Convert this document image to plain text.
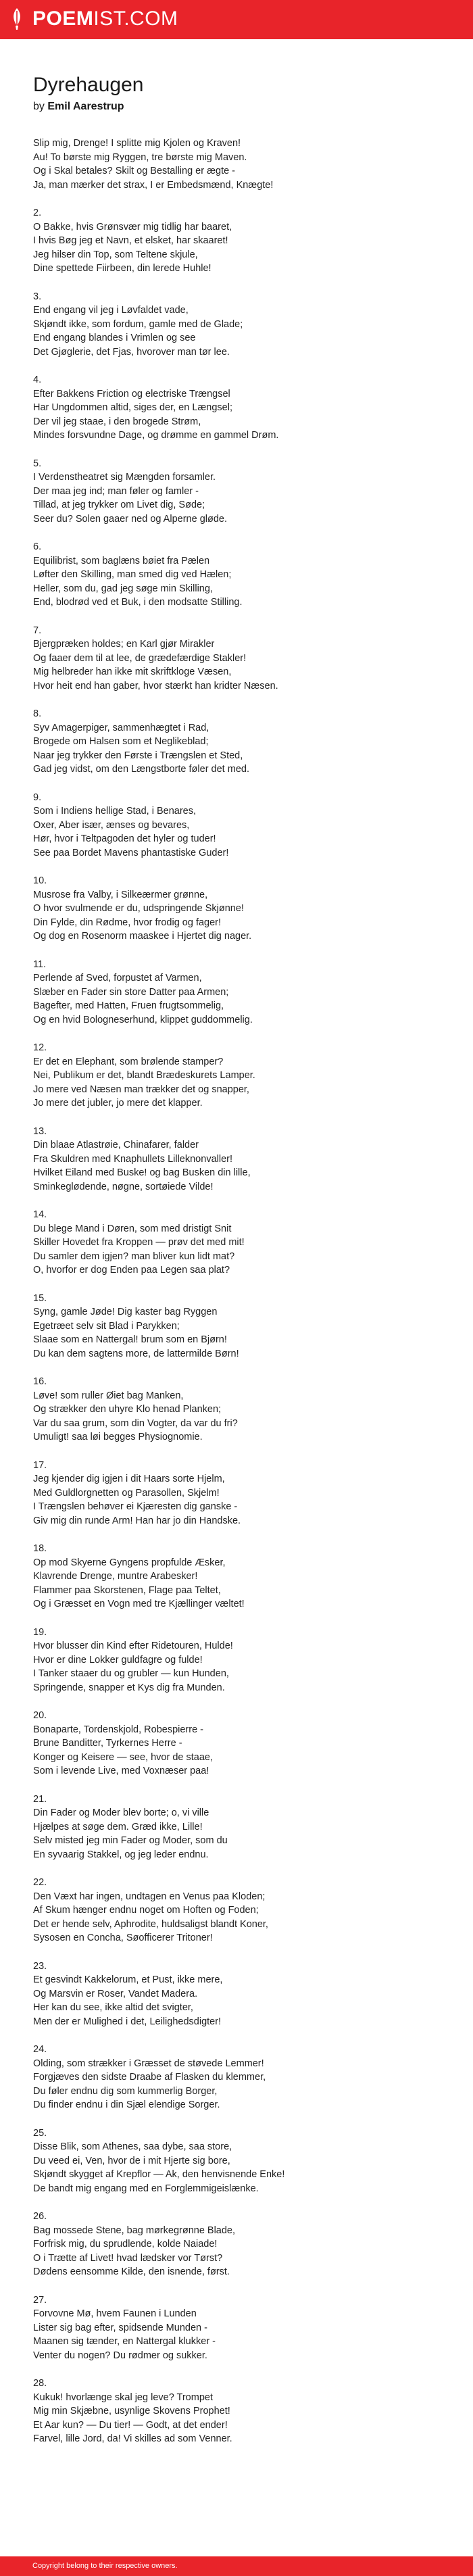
POEMIST.COM
Dyrehaugen
by Emil Aarestrup
Slip mig, Drenge! I splitte mig Kjolen og Kraven!
Au! To børste mig Ryggen, tre børste mig Maven.
Og i Skal betales? Skilt og Bestalling er ægte -
Ja, man mærker det strax, I er Embedsmænd, Knægte!
2.
O Bakke, hvis Grønsvær mig tidlig har baaret,
I hvis Bøg jeg et Navn, et elsket, har skaaret!
Jeg hilser din Top, som Teltene skjule,
Dine spettede Fiirbeen, din lerede Huhle!
3.
End engang vil jeg i Løvfaldet vade,
Skjøndt ikke, som fordum, gamle med de Glade;
End engang blandes i Vrimlen og see
Det Gjøglerie, det Fjas, hvorover man tør lee.
4.
Efter Bakkens Friction og electriske Trængsel
Har Ungdommen altid, siges der, en Længsel;
Der vil jeg staae, i den brogede Strøm,
Mindes forsvundne Dage, og drømme en gammel Drøm.
5.
I Verdenstheatret sig Mængden forsamler.
Der maa jeg ind; man føler og famler -
Tillad, at jeg trykker om Livet dig, Søde;
Seer du? Solen gaaer ned og Alperne gløde.
6.
Equilibrist, som baglæns bøiet fra Pælen
Løfter den Skilling, man smed dig ved Hælen;
Heller, som du, gad jeg søge min Skilling,
End, blodrød ved et Buk, i den modsatte Stilling.
7.
Bjergpræken holdes; en Karl gjør Mirakler
Og faaer dem til at lee, de grædefærdige Stakler!
Mig helbreder han ikke mit skriftkloge Væsen,
Hvor heit end han gaber, hvor stærkt han kridter Næsen.
8.
Syv Amagerpiger, sammenhægtet i Rad,
Brogede om Halsen som et Neglikeblad;
Naar jeg trykker den Første i Trængslen et Sted,
Gad jeg vidst, om den Længstborte føler det med.
9.
Som i Indiens hellige Stad, i Benares,
Oxer, Aber især, ænses og bevares,
Hør, hvor i Teltpagoden det hyler og tuder!
See paa Bordet Mavens phantastiske Guder!
10.
Musrose fra Valby, i Silkeærmer grønne,
O hvor svulmende er du, udspringende Skjønne!
Din Fylde, din Rødme, hvor frodig og fager!
Og dog en Rosenorm maaskee i Hjertet dig nager.
11.
Perlende af Sved, forpustet af Varmen,
Slæber en Fader sin store Datter paa Armen;
Bagefter, med Hatten, Fruen frugtsommelig,
Og en hvid Bologneserhund, klippet guddommelig.
12.
Er det en Elephant, som brølende stamper?
Nei, Publikum er det, blandt Brædeskurets Lamper.
Jo mere ved Næsen man trækker det og snapper,
Jo mere det jubler, jo mere det klapper.
13.
Din blaae Atlastrøie, Chinafarer, falder
Fra Skuldren med Knaphullets Lilleknonvaller!
Hvilket Eiland med Buske! og bag Busken din lille,
Sminkeglødende, nøgne, sortøiede Vilde!
14.
Du blege Mand i Døren, som med dristigt Snit
Skiller Hovedet fra Kroppen — prøv det med mit!
Du samler dem igjen? man bliver kun lidt mat?
O, hvorfor er dog Enden paa Legen saa plat?
15.
Syng, gamle Jøde! Dig kaster bag Ryggen
Egetræet selv sit Blad i Parykken;
Slaae som en Nattergal! brum som en Bjørn!
Du kan dem sagtens more, de lattermilde Børn!
16.
Løve! som ruller Øiet bag Manken,
Og strækker den uhyre Klo henad Planken;
Var du saa grum, som din Vogter, da var du fri?
Umuligt! saa løi begges Physiognomie.
17.
Jeg kjender dig igjen i dit Haars sorte Hjelm,
Med Guldlorgnetten og Parasollen, Skjelm!
I Trængslen behøver ei Kjæresten dig ganske -
Giv mig din runde Arm! Han har jo din Handske.
18.
Op mod Skyerne Gyngens propfulde Æsker,
Klavrende Drenge, muntre Arabesker!
Flammer paa Skorstenen, Flage paa Teltet,
Og i Græsset en Vogn med tre Kjællinger væltet!
19.
Hvor blusser din Kind efter Ridetouren, Hulde!
Hvor er dine Lokker guldfagre og fulde!
I Tanker staaer du og grubler — kun Hunden,
Springende, snapper et Kys dig fra Munden.
20.
Bonaparte, Tordenskjold, Robespierre -
Brune Banditter, Tyrkernes Herre -
Konger og Keisere — see, hvor de staae,
Som i levende Live, med Voxnæser paa!
21.
Din Fader og Moder blev borte; o, vi ville
Hjælpes at søge dem. Græd ikke, Lille!
Selv misted jeg min Fader og Moder, som du
En syvaarig Stakkel, og jeg leder endnu.
22.
Den Væxt har ingen, undtagen en Venus paa Kloden;
Af Skum hænger endnu noget om Hoften og Foden;
Det er hende selv, Aphrodite, huldsaligst blandt Koner,
Sysosen en Concha, Søofficerer Tritoner!
23.
Et gesvindt Kakkelorum, et Pust, ikke mere,
Og Marsvin er Roser, Vandet Madera.
Her kan du see, ikke altid det svigter,
Men der er Mulighed i det, Leilighedsdigter!
24.
Olding, som strækker i Græsset de støvede Lemmer!
Forgjæves den sidste Draabe af Flasken du klemmer,
Du føler endnu dig som kummerlig Borger,
Du finder endnu i din Sjæl elendige Sorger.
25.
Disse Blik, som Athenes, saa dybe, saa store,
Du veed ei, Ven, hvor de i mit Hjerte sig bore,
Skjøndt skygget af Krepflor — Ak, den henvisnende Enke!
De bandt mig engang med en Forglemmigeislænke.
26.
Bag mossede Stene, bag mørkegrønne Blade,
Forfrisk mig, du sprudlende, kolde Naiade!
O i Trætte af Livet! hvad lædsker vor Tørst?
Dødens eensomme Kilde, den isnende, først.
27.
Forvovne Mø, hvem Faunen i Lunden
Lister sig bag efter, spidsende Munden -
Maanen sig tænder, en Nattergal klukker -
Venter du nogen? Du rødmer og sukker.
28.
Kukuk! hvorlænge skal jeg leve? Trompet
Mig min Skjæbne, usynlige Skovens Prophet!
Et Aar kun? — Du tier! — Godt, at det ender!
Farvel, lille Jord, da! Vi skilles ad som Venner.
Copyright belong to their respective owners.
